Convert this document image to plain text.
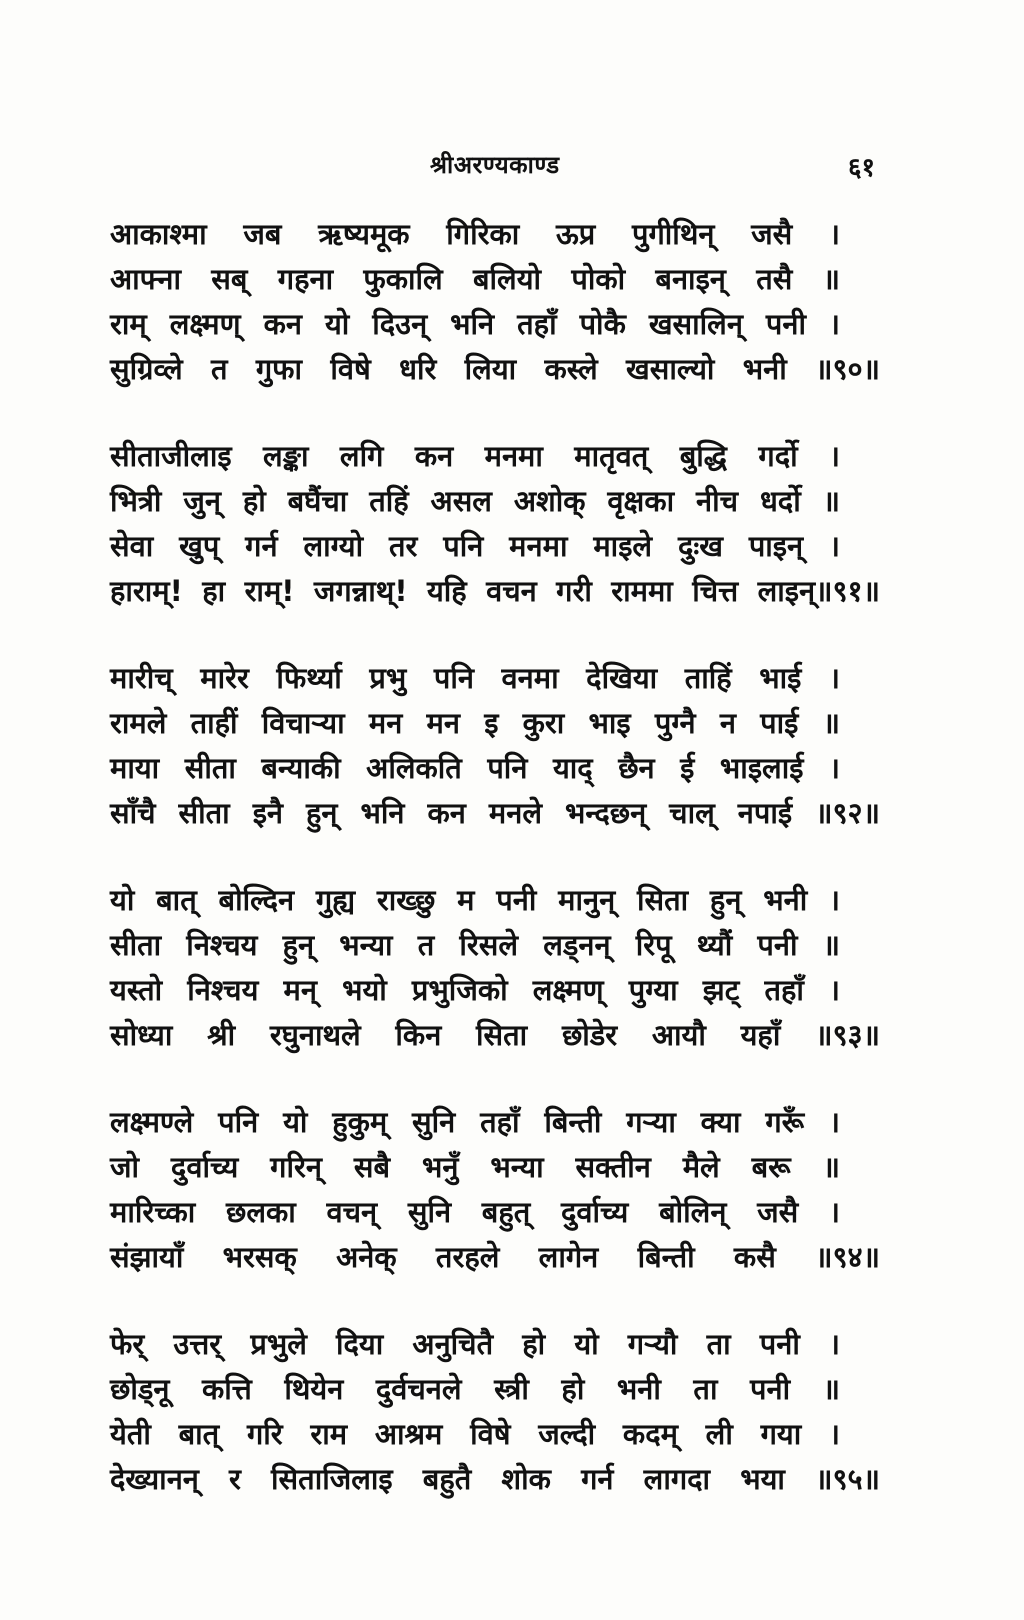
श्रीअरण्यकाण्ड	६१
आकाश्मा जब ऋष्यमूक गिरिका ऊप्र पुगीथिन् जसै ।
आफ्ना सब् गहना फुकालि बलियो पोको बनाइन् तसै ॥
राम् लक्ष्मण् कन यो दिउन् भनि तहाँ पोकै खसालिन् पनी ।
सुग्रिव्ले त गुफा विषे धरि लिया कस्ले खसाल्यो भनी ॥९०॥
सीताजीलाइ लङ्का लगि कन मनमा मातृवत् बुद्धि गर्दो ।
भित्री जुन् हो बघैंचा तहिं असल अशोक् वृक्षका नीच धर्दो ॥
सेवा खुप् गर्न लाग्यो तर पनि मनमा माइले दुःख पाइन् ।
हाराम्! हा राम्! जगन्नाथ्! यहि वचन गरी राममा चित्त लाइन्॥९१॥
मारीच् मारेर फिर्थ्या प्रभु पनि वनमा देखिया ताहिं भाई ।
रामले ताहीं विचाऱ्या मन मन इ कुरा भाइ पुग्नै न पाई ॥
माया सीता बन्याकी अलिकति पनि याद् छैन ई भाइलाई ।
साँचै सीता इनै हुन् भनि कन मनले भन्दछन् चाल् नपाई ॥९२॥
यो बात् बोल्दिन गुह्य राख्छु म पनी मानुन् सिता हुन् भनी ।
सीता निश्चय हुन् भन्या त रिसले लड्नन् रिपू थ्यौं पनी ॥
यस्तो निश्चय मन् भयो प्रभुजिको लक्ष्मण् पुग्या झट् तहाँ ।
सोध्या श्री रघुनाथले किन सिता छोडेर आयौ यहाँ ॥९३॥
लक्ष्मण्ले पनि यो हुकुम् सुनि तहाँ बिन्ती गऱ्या क्या गरूँ ।
जो दुर्वाच्य गरिन् सबै भनुँ भन्या सक्तीन मैले बरू ॥
मारिच्का छलका वचन् सुनि बहुत् दुर्वाच्य बोलिन् जसै ।
संझायाँ भरसक् अनेक् तरहले लागेन बिन्ती कसै ॥९४॥
फेर् उत्तर् प्रभुले दिया अनुचितै हो यो गऱ्यौ ता पनी ।
छोड्नू कत्ति थियेन दुर्वचनले स्त्री हो भनी ता पनी ॥
येती बात् गरि राम आश्रम विषे जल्दी कदम् ली गया ।
देख्यानन् र सिताजिलाइ बहुतै शोक गर्न लागदा भया ॥९५॥
